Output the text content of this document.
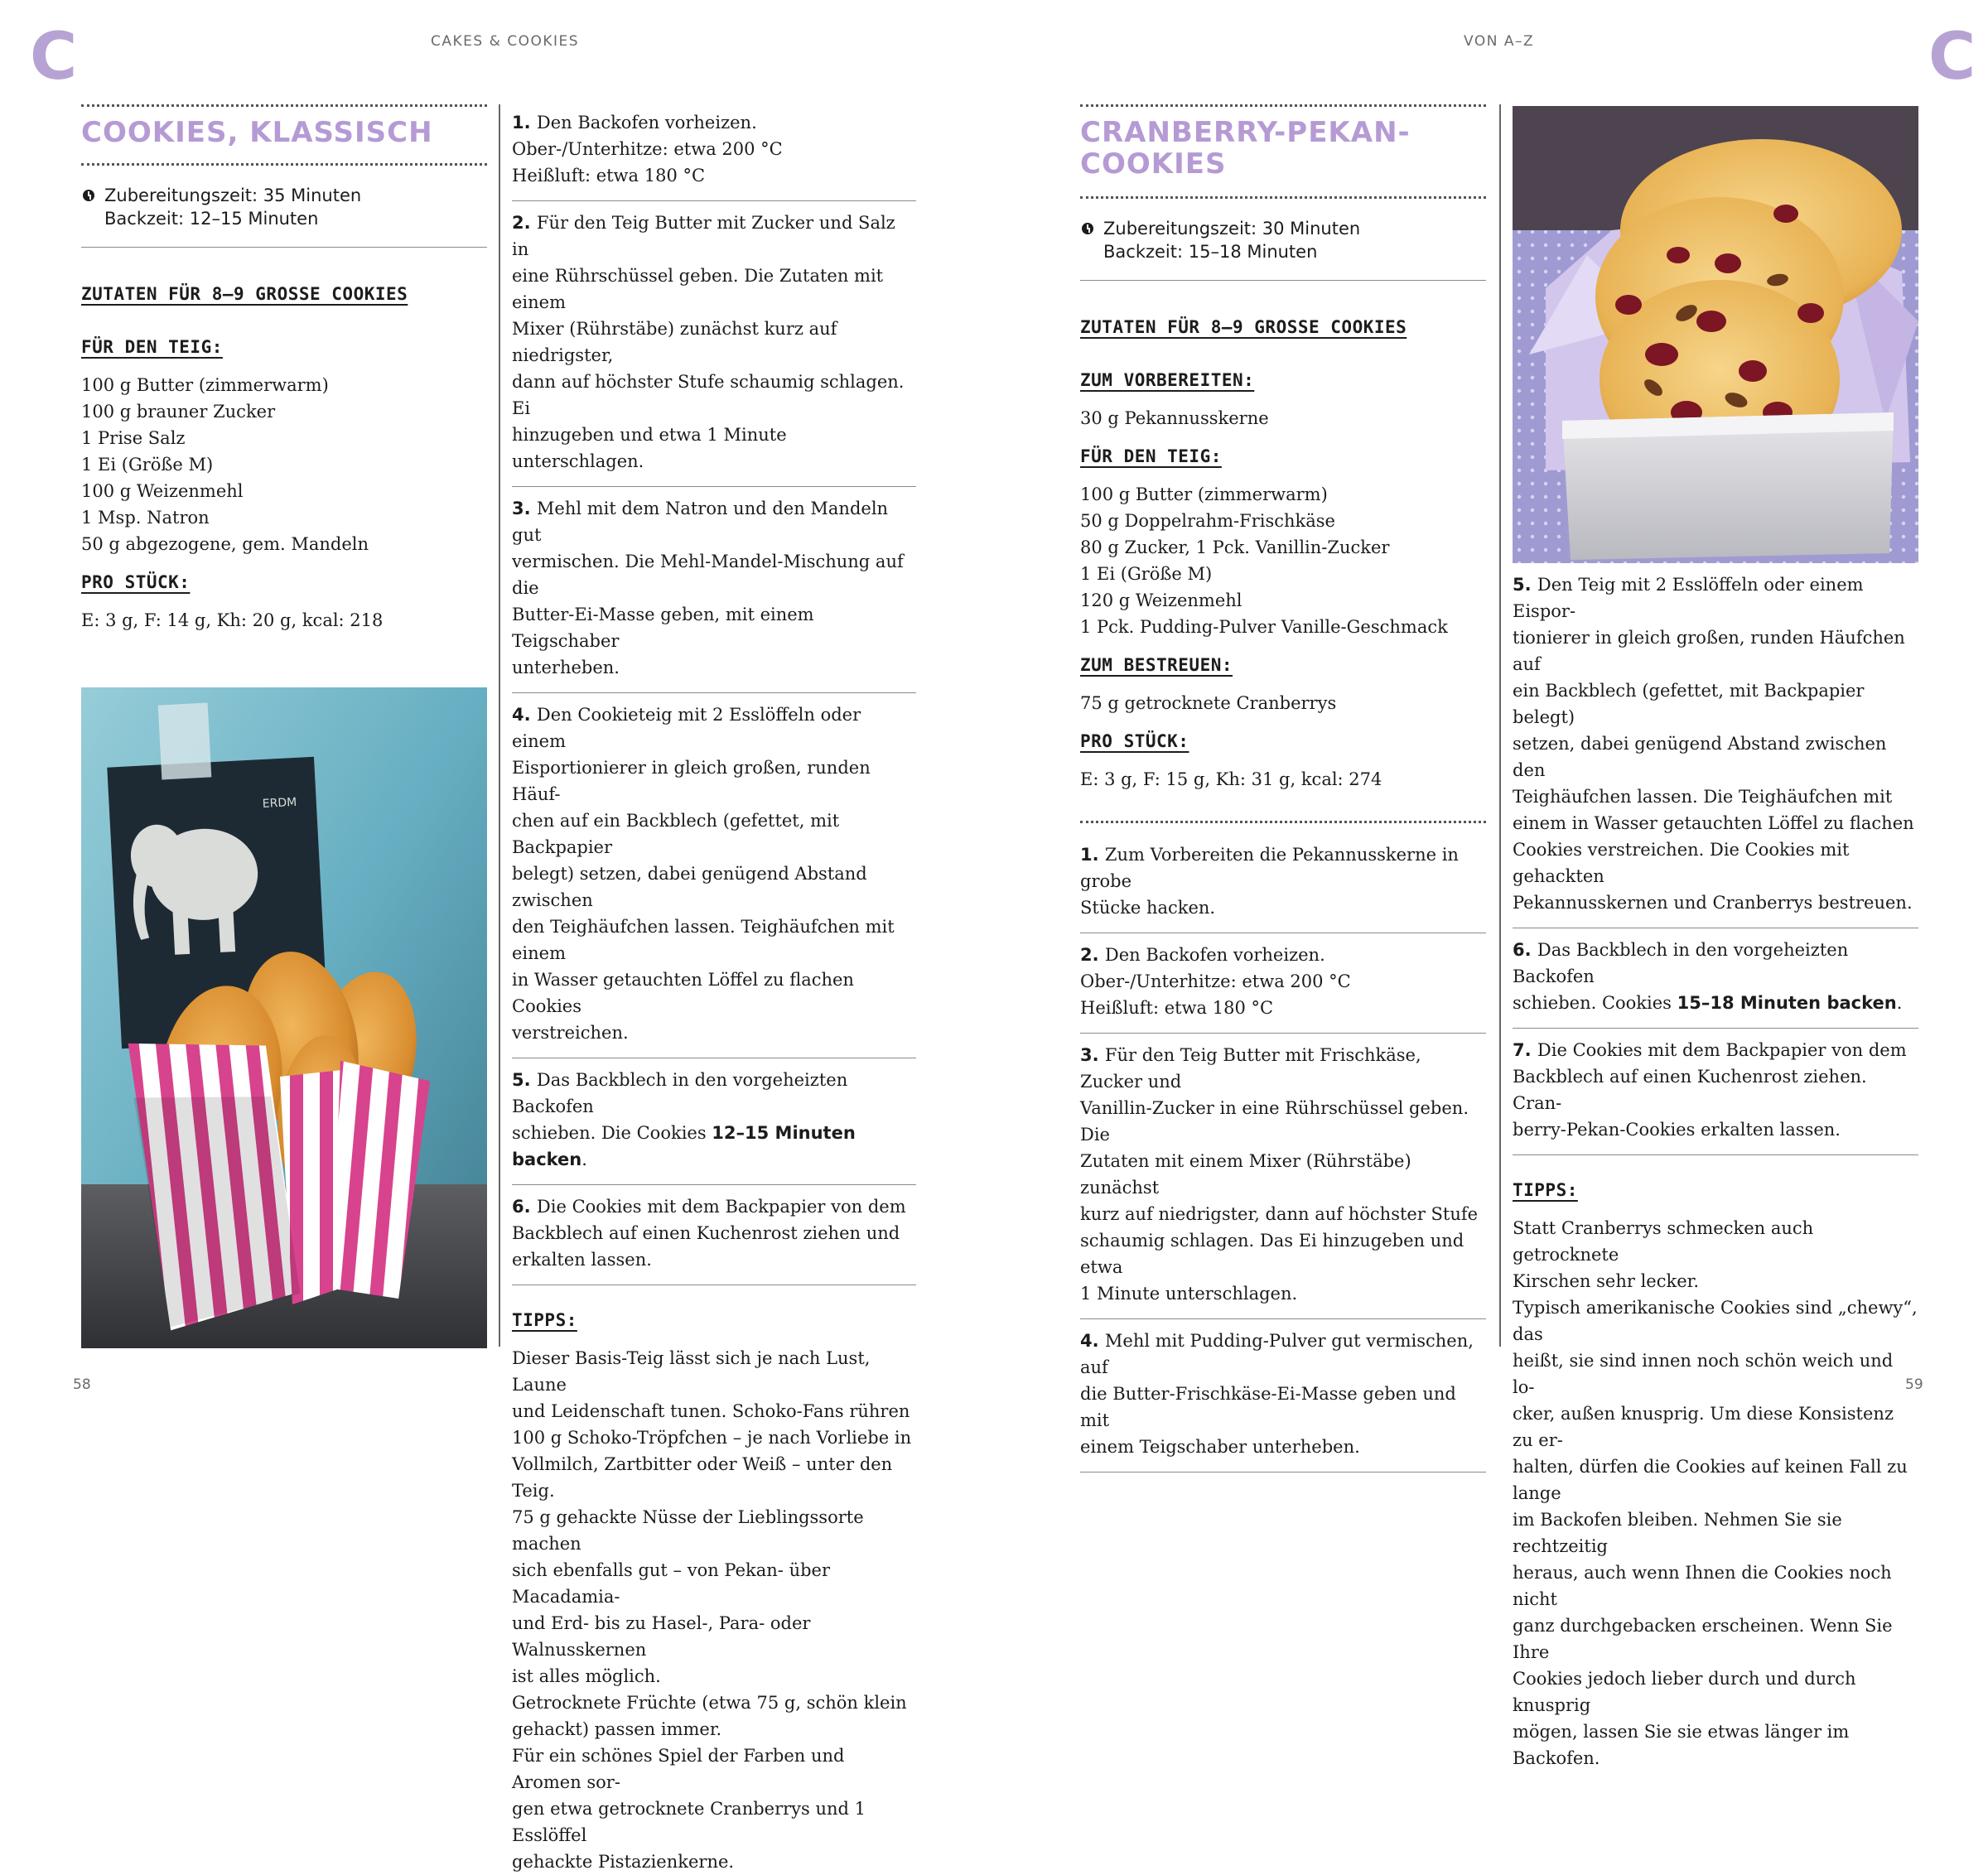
C	C
CAKES & COOKIES	VON A–Z
COOKIES, KLASSISCH
Zubereitungszeit: 35 Minuten
Backzeit: 12–15 Minuten
ZUTATEN FÜR 8–9 GROSSE COOKIES
FÜR DEN TEIG:
100 g Butter (zimmerwarm)
100 g brauner Zucker
1 Prise Salz
1 Ei (Größe M)
100 g Weizenmehl
1 Msp. Natron
50 g abgezogene, gem. Mandeln
PRO STÜCK:
E: 3 g, F: 14 g, Kh: 20 g, kcal: 218
ERDM
1. Den Backofen vorheizen.
Ober-/Unterhitze: etwa 200 °C
Heißluft: etwa 180 °C
2. Für den Teig Butter mit Zucker und Salz in
eine Rührschüssel geben. Die Zutaten mit einem
Mixer (Rührstäbe) zunächst kurz auf niedrigster,
dann auf höchster Stufe schaumig schlagen. Ei
hinzugeben und etwa 1 Minute unterschlagen.
3. Mehl mit dem Natron und den Mandeln gut
vermischen. Die Mehl-Mandel-Mischung auf die
Butter-Ei-Masse geben, mit einem Teigschaber
unterheben.
4. Den Cookieteig mit 2 Esslöffeln oder einem
Eisportionierer in gleich großen, runden Häuf-
chen auf ein Backblech (gefettet, mit Backpapier
belegt) setzen, dabei genügend Abstand zwischen
den Teighäufchen lassen. Teighäufchen mit einem
in Wasser getauchten Löffel zu flachen Cookies
verstreichen.
5. Das Backblech in den vorgeheizten Backofen
schieben. Die Cookies 12–15 Minuten backen.
6. Die Cookies mit dem Backpapier von dem
Backblech auf einen Kuchenrost ziehen und
erkalten lassen.
TIPPS:
Dieser Basis-Teig lässt sich je nach Lust, Laune
und Leidenschaft tunen. Schoko-Fans rühren
100 g Schoko-Tröpfchen – je nach Vorliebe in
Vollmilch, Zartbitter oder Weiß – unter den Teig.
75 g gehackte Nüsse der Lieblingssorte machen
sich ebenfalls gut – von Pekan- über Macadamia-
und Erd- bis zu Hasel-, Para- oder Walnusskernen
ist alles möglich.
Getrocknete Früchte (etwa 75 g, schön klein
gehackt) passen immer.
Für ein schönes Spiel der Farben und Aromen sor-
gen etwa getrocknete Cranberrys und 1 Esslöffel
gehackte Pistazienkerne.
CRANBERRY-PEKAN-
COOKIES
Zubereitungszeit: 30 Minuten
Backzeit: 15–18 Minuten
ZUTATEN FÜR 8–9 GROSSE COOKIES
ZUM VORBEREITEN:
30 g Pekannusskerne
FÜR DEN TEIG:
100 g Butter (zimmerwarm)
50 g Doppelrahm-Frischkäse
80 g Zucker, 1 Pck. Vanillin-Zucker
1 Ei (Größe M)
120 g Weizenmehl
1 Pck. Pudding-Pulver Vanille-Geschmack
ZUM BESTREUEN:
75 g getrocknete Cranberrys
PRO STÜCK:
E: 3 g, F: 15 g, Kh: 31 g, kcal: 274
1. Zum Vorbereiten die Pekannusskerne in grobe
Stücke hacken.
2. Den Backofen vorheizen.
Ober-/Unterhitze: etwa 200 °C
Heißluft: etwa 180 °C
3. Für den Teig Butter mit Frischkäse, Zucker und
Vanillin-Zucker in eine Rührschüssel geben. Die
Zutaten mit einem Mixer (Rührstäbe) zunächst
kurz auf niedrigster, dann auf höchster Stufe
schaumig schlagen. Das Ei hinzugeben und etwa
1 Minute unterschlagen.
4. Mehl mit Pudding-Pulver gut vermischen, auf
die Butter-Frischkäse-Ei-Masse geben und mit
einem Teigschaber unterheben.
5. Den Teig mit 2 Esslöffeln oder einem Eispor-
tionierer in gleich großen, runden Häufchen auf
ein Backblech (gefettet, mit Backpapier belegt)
setzen, dabei genügend Abstand zwischen den
Teighäufchen lassen. Die Teighäufchen mit
einem in Wasser getauchten Löffel zu flachen
Cookies verstreichen. Die Cookies mit gehackten
Pekannusskernen und Cranberrys bestreuen.
6. Das Backblech in den vorgeheizten Backofen
schieben. Cookies 15–18 Minuten backen.
7. Die Cookies mit dem Backpapier von dem
Backblech auf einen Kuchenrost ziehen. Cran-
berry-Pekan-Cookies erkalten lassen.
TIPPS:
Statt Cranberrys schmecken auch getrocknete
Kirschen sehr lecker.
Typisch amerikanische Cookies sind „chewy“, das
heißt, sie sind innen noch schön weich und lo-
cker, außen knusprig. Um diese Konsistenz zu er-
halten, dürfen die Cookies auf keinen Fall zu lange
im Backofen bleiben. Nehmen Sie sie rechtzeitig
heraus, auch wenn Ihnen die Cookies noch nicht
ganz durchgebacken erscheinen. Wenn Sie Ihre
Cookies jedoch lieber durch und durch knusprig
mögen, lassen Sie sie etwas länger im Backofen.
58	59
